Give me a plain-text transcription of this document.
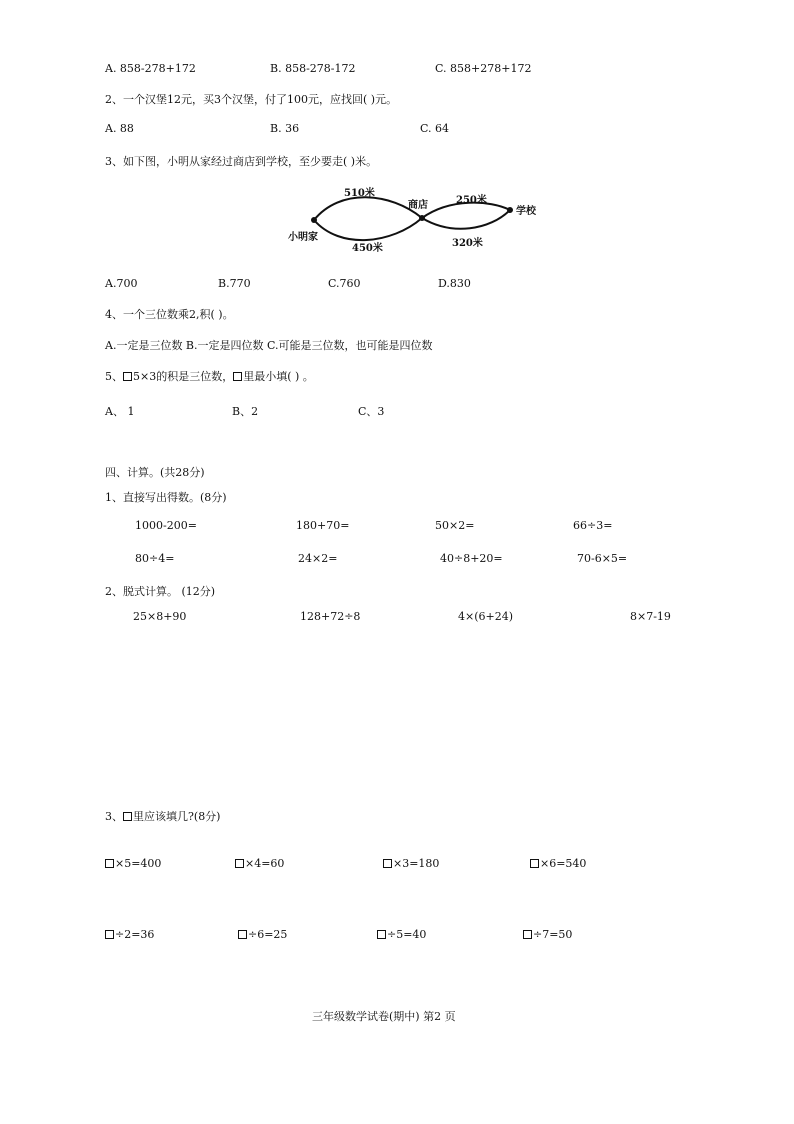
A. 858-278+172	B. 858-278-172	C. 858+278+172
2、一个汉堡12元，买3个汉堡，付了100元，应找回( )元。
A. 88	B. 36	C. 64
3、如下图，小明从家经过商店到学校，至少要走( )米。
510米
450米
250米
320米
小明家
商店
学校
A.700	B.770	C.760	D.830
4、一个三位数乘2,积( )。
A.一定是三位数 B.一定是四位数 C.可能是三位数，也可能是四位数
5、 5×3的积是三位数， 里最小填( ) 。
A、 1	B、2	C、3
四、计算。(共28分)
1、直接写出得数。(8分)
1000-200=	180+70=	50×2=	66÷3=
80÷4=	24×2=	40÷8+20=	70-6×5=
2、脱式计算。 (12分)
25×8+90	128+72÷8	4×(6+24)	8×7-19
3、 里应该填几?(8分)
×5=400	×4=60	×3=180	×6=540
÷2=36	÷6=25	÷5=40	÷7=50
三年级数学试卷(期中) 第2 页
